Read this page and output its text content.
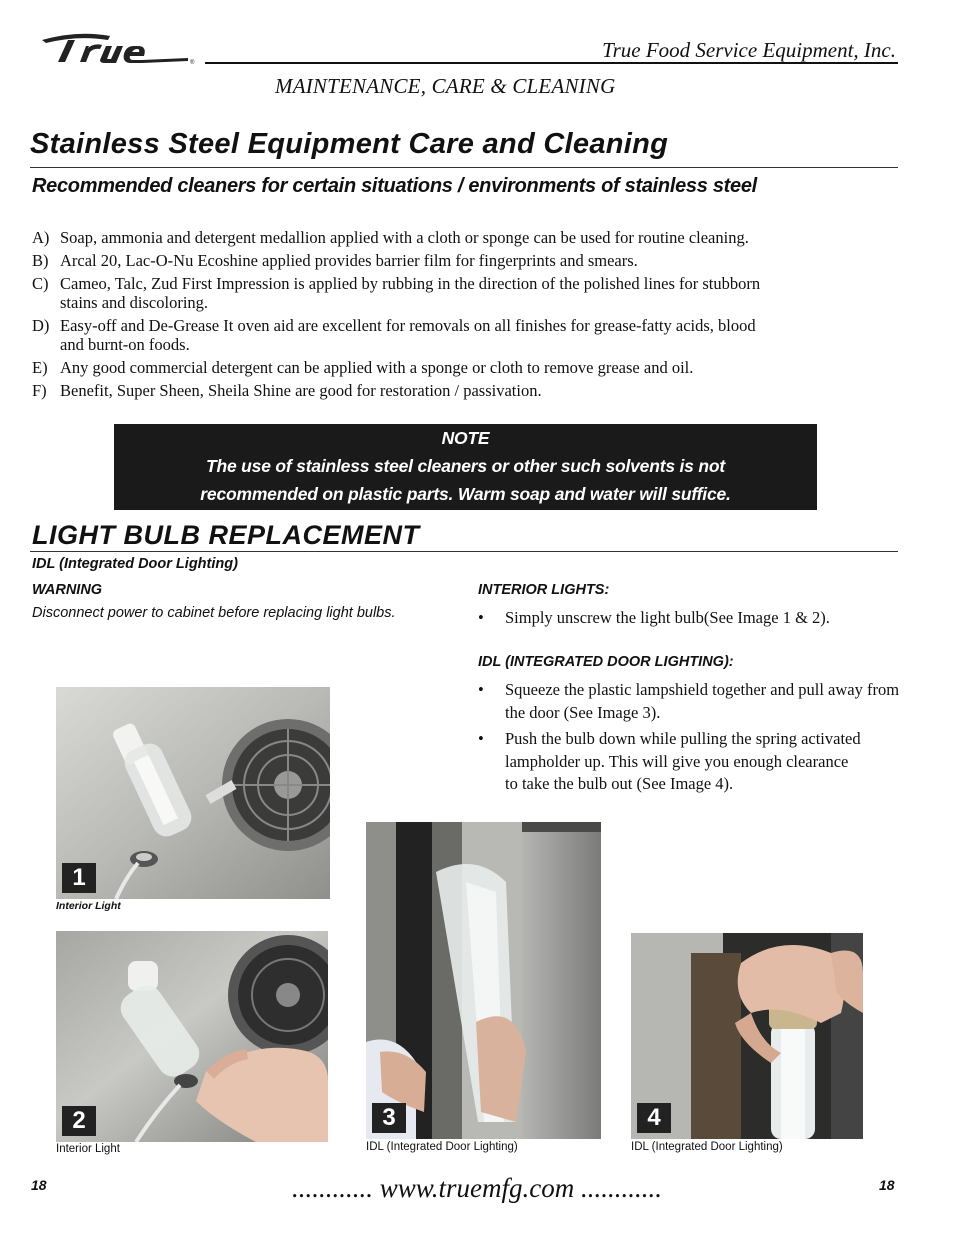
®
True Food Service Equipment, Inc.
MAINTENANCE, CARE & CLEANING
Stainless Steel Equipment Care and Cleaning
Recommended cleaners for certain situations / environments of stainless steel
A) Soap, ammonia and detergent medallion applied with a cloth or sponge can be used for routine cleaning.
B) Arcal 20, Lac-O-Nu Ecoshine applied provides barrier film for fingerprints and smears.
C) Cameo, Talc, Zud First Impression is applied by rubbing in the direction of the polished lines for stubborn stains and discoloring.
D) Easy-off and De-Grease It oven aid are excellent for removals on all finishes for grease-fatty acids, blood and burnt-on foods.
E) Any good commercial detergent can be applied with a sponge or cloth to remove grease and oil.
F) Benefit, Super Sheen, Sheila Shine are good for restoration / passivation.
NOTE
The use of stainless steel cleaners or other such solvents is not
recommended on plastic parts. Warm soap and water will suffice.
LIGHT BULB REPLACEMENT
IDL (Integrated Door Lighting)
WARNING
Disconnect power to cabinet before replacing light bulbs.
INTERIOR LIGHTS:
•	Simply unscrew the light bulb(See Image 1 & 2).
IDL (INTEGRATED DOOR LIGHTING):
•	Squeeze the plastic lampshield together and pull away from the door (See Image 3).
•	Push the bulb down while pulling the spring activated lampholder up. This will give you enough clearance to take the bulb out (See Image 4).
1
Interior Light
2
Interior Light
3
IDL (Integrated Door Lighting)
4
IDL (Integrated Door Lighting)
18	18
............ www.truemfg.com ............
